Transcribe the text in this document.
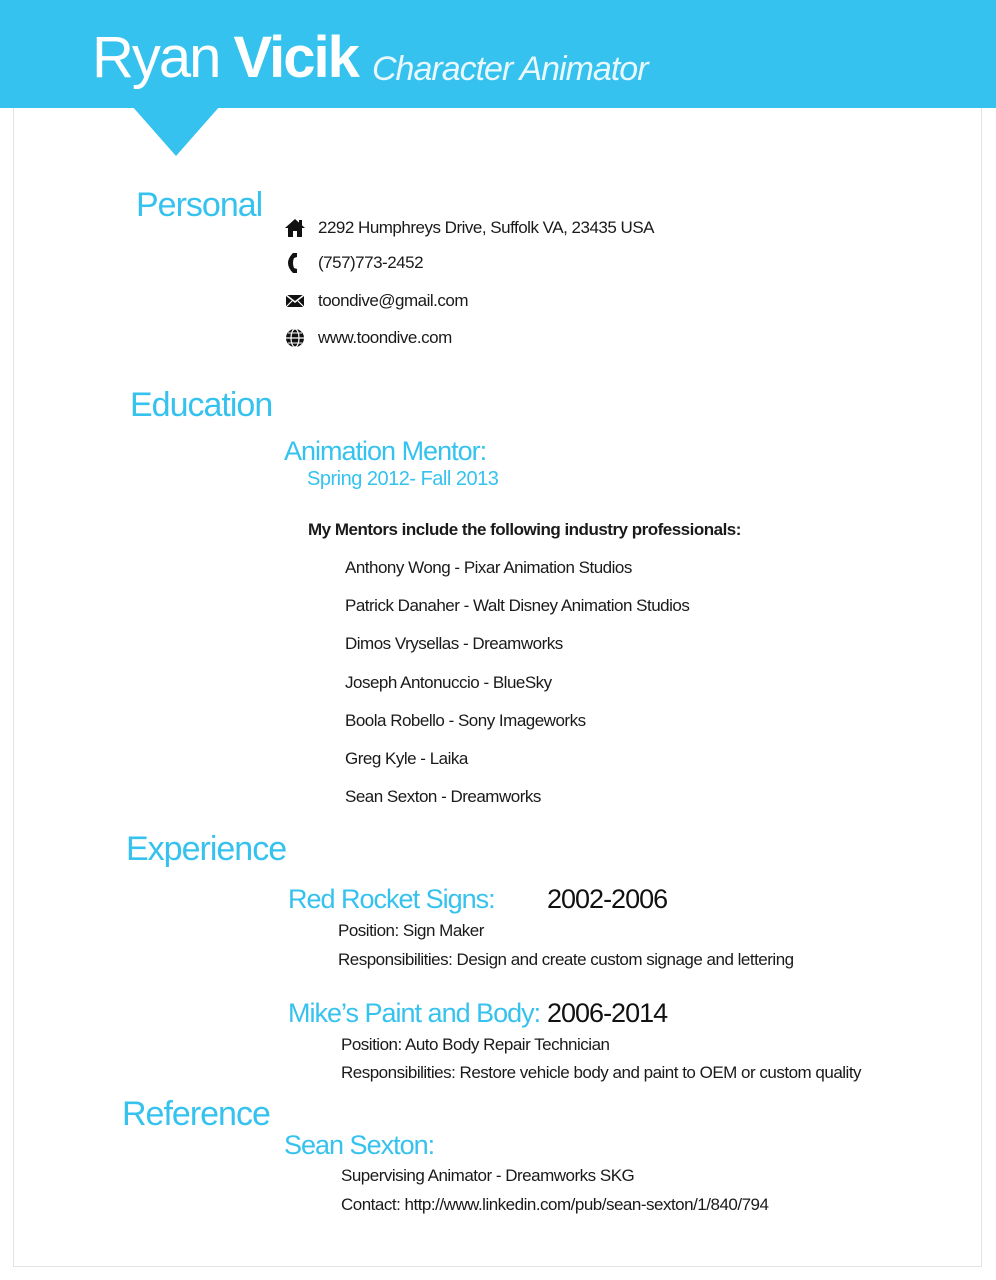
Ryan Vicik Character Animator
Personal
2292 Humphreys Drive, Suffolk VA, 23435 USA
(757)773-2452
toondive@gmail.com
www.toondive.com
Education
Animation Mentor:
Spring 2012- Fall 2013
My Mentors include the following industry professionals:
Anthony Wong - Pixar Animation Studios
Patrick Danaher - Walt Disney Animation Studios
Dimos Vrysellas - Dreamworks
Joseph Antonuccio - BlueSky
Boola Robello - Sony Imageworks
Greg Kyle - Laika
Sean Sexton - Dreamworks
Experience
Red Rocket Signs: 2002-2006
Position: Sign Maker
Responsibilities: Design and create custom signage and lettering
Mike’s Paint and Body: 2006-2014
Position: Auto Body Repair Technician
Responsibilities: Restore vehicle body and paint to OEM or custom quality
Reference
Sean Sexton:
Supervising Animator - Dreamworks SKG
Contact: http://www.linkedin.com/pub/sean-sexton/1/840/794
